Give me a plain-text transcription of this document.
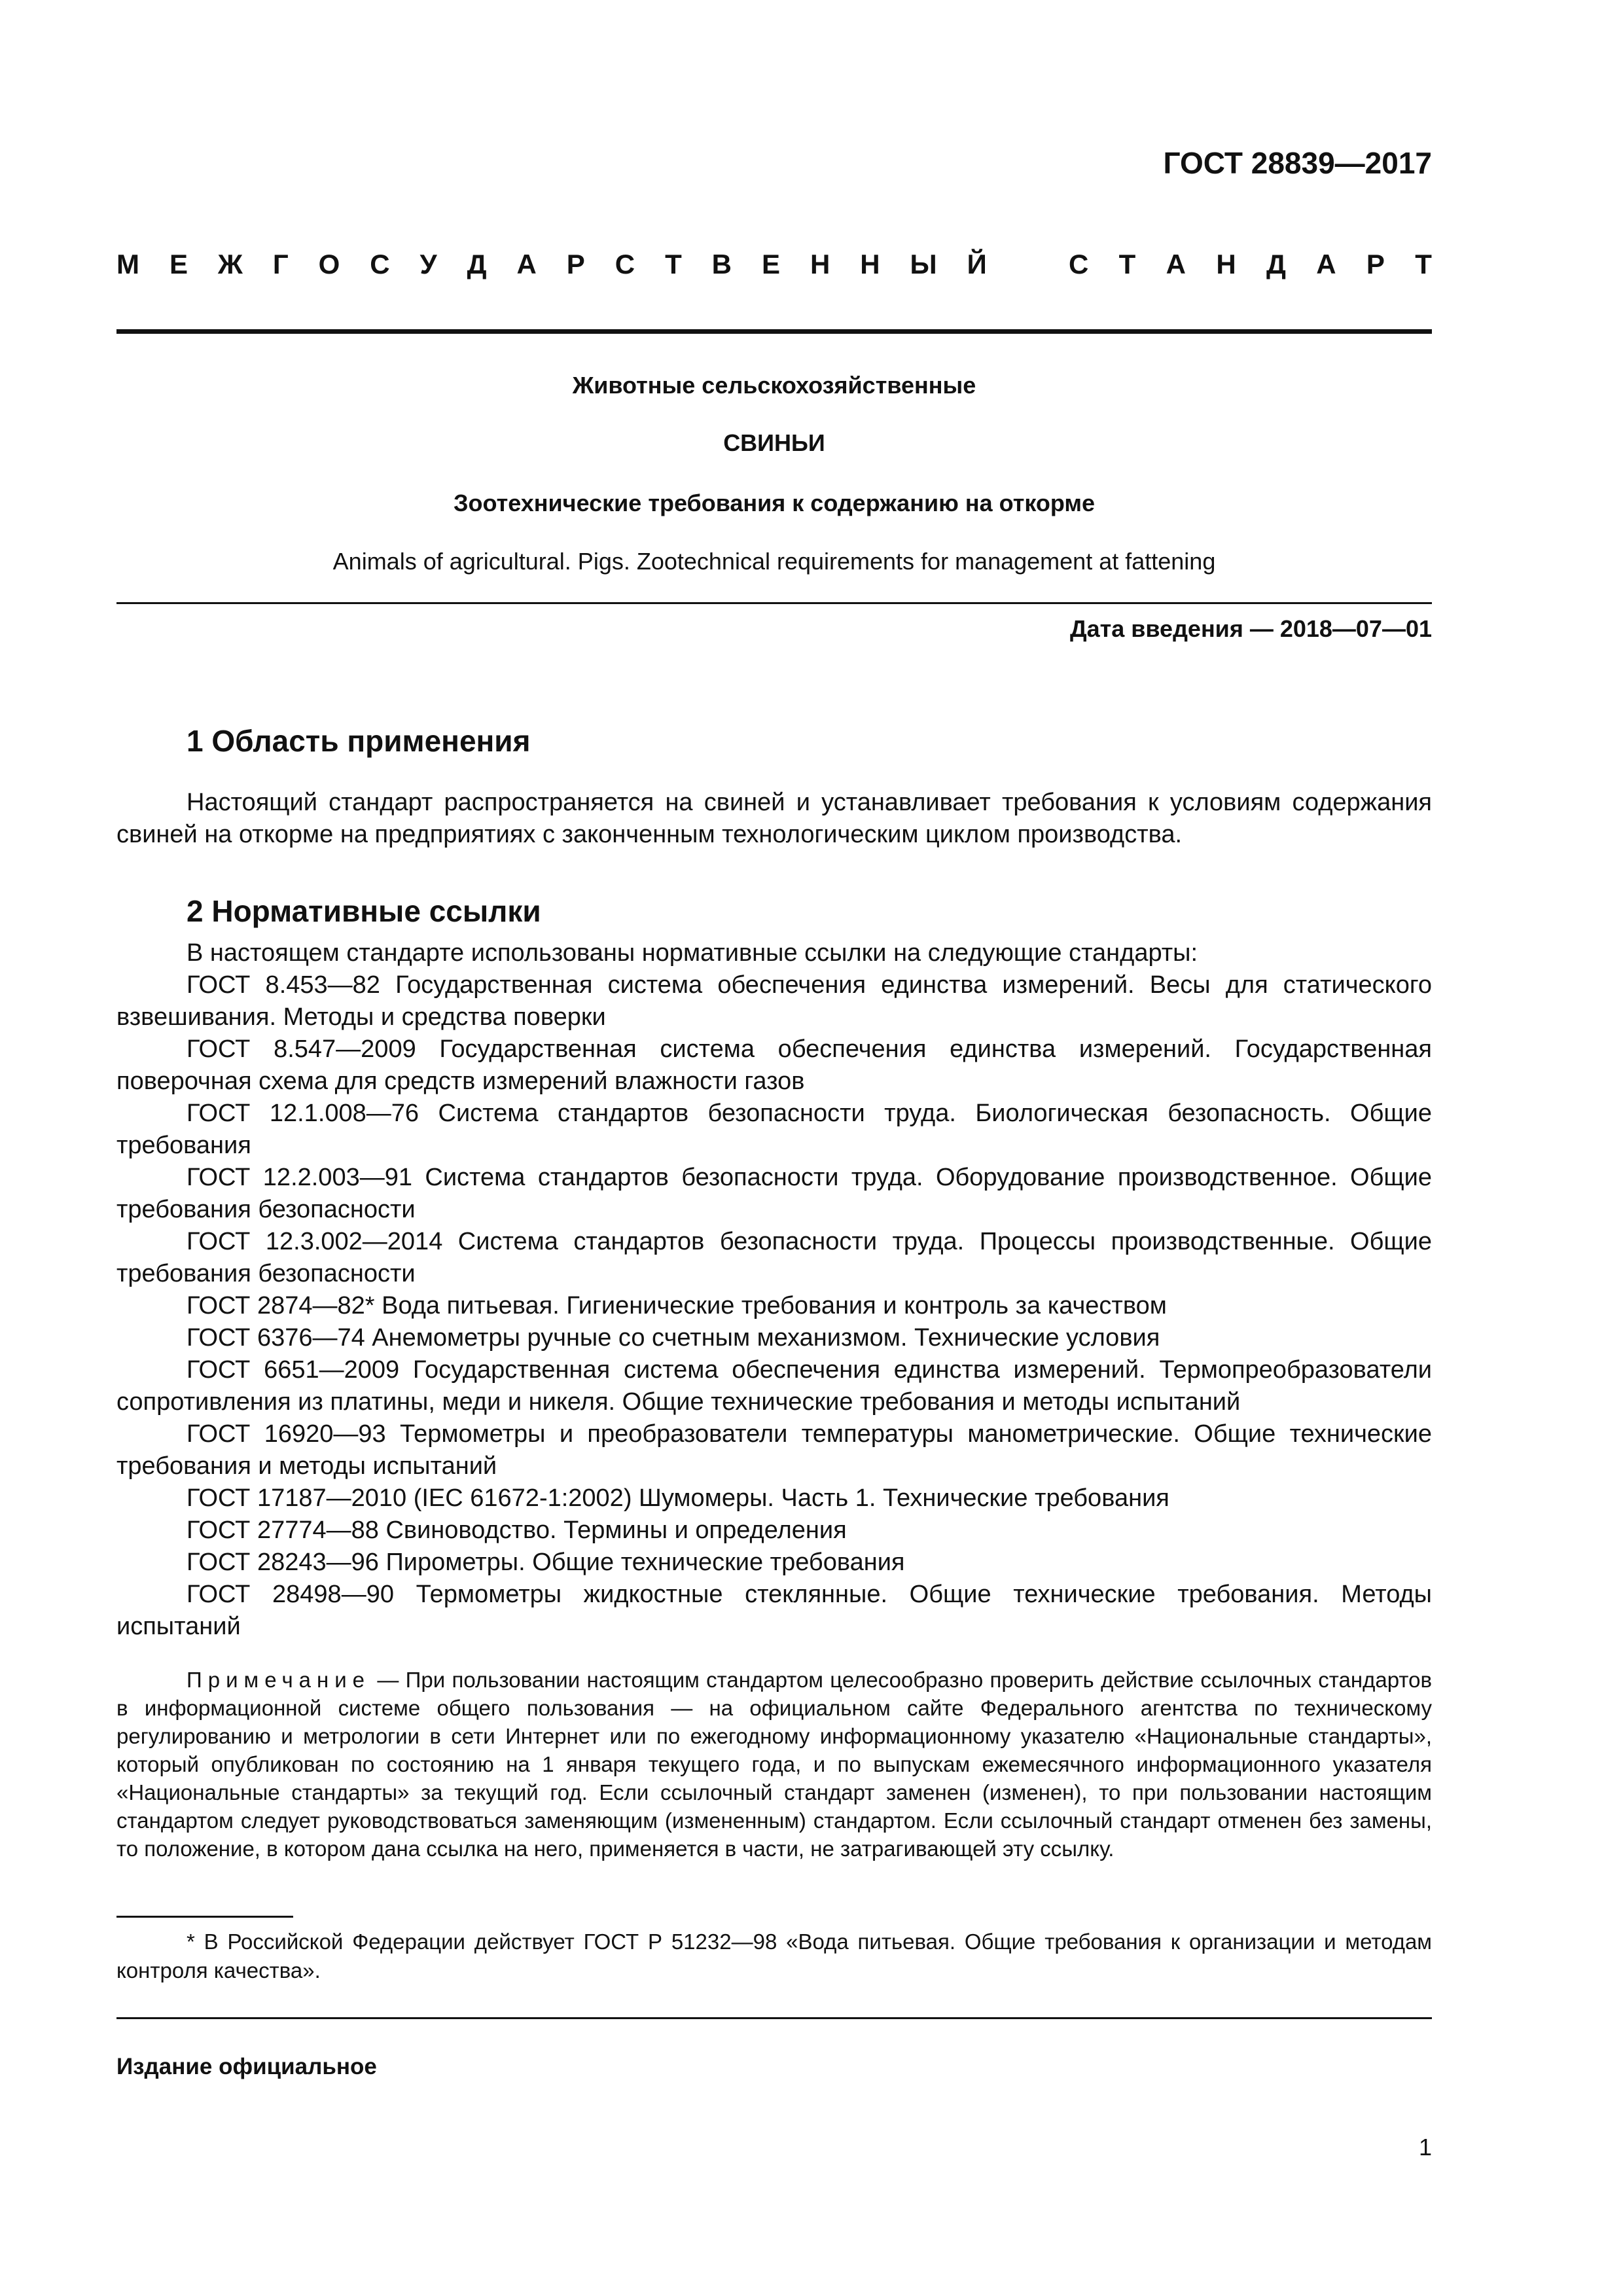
ГОСТ 28839—2017
М Е Ж Г О С У Д А Р С Т В Е Н Н Ы Й	С Т А Н Д А Р Т
Животные сельскохозяйственные
СВИНЬИ
Зоотехнические требования к содержанию на откорме
Animals of agricultural. Pigs. Zootechnical requirements for management at fattening
Дата введения — 2018—07—01
1 Область применения
Настоящий стандарт распространяется на свиней и устанавливает требования к условиям содержания свиней на откорме на предприятиях с законченным технологическим циклом производства.
2 Нормативные ссылки

В настоящем стандарте использованы нормативные ссылки на следующие стандарты:

ГОСТ 8.453—82 Государственная система обеспечения единства измерений. Весы для статического взвешивания. Методы и средства поверки

ГОСТ 8.547—2009 Государственная система обеспечения единства измерений. Государственная поверочная схема для средств измерений влажности газов

ГОСТ 12.1.008—76 Система стандартов безопасности труда. Биологическая безопасность. Общие требования

ГОСТ 12.2.003—91 Система стандартов безопасности труда. Оборудование производственное. Общие требования безопасности

ГОСТ 12.3.002—2014 Система стандартов безопасности труда. Процессы производственные. Общие требования безопасности

ГОСТ 2874—82* Вода питьевая. Гигиенические требования и контроль за качеством

ГОСТ 6376—74 Анемометры ручные со счетным механизмом. Технические условия

ГОСТ 6651—2009 Государственная система обеспечения единства измерений. Термопреобразователи сопротивления из платины, меди и никеля. Общие технические требования и методы испытаний

ГОСТ 16920—93 Термометры и преобразователи температуры манометрические. Общие технические требования и методы испытаний

ГОСТ 17187—2010 (IEC 61672-1:2002) Шумомеры. Часть 1. Технические требования

ГОСТ 27774—88 Свиноводство. Термины и определения

ГОСТ 28243—96 Пирометры. Общие технические требования

ГОСТ 28498—90 Термометры жидкостные стеклянные. Общие технические требования. Методы испытаний

Примечание — При пользовании настоящим стандартом целесообразно проверить действие ссылочных стандартов в информационной системе общего пользования — на официальном сайте Федерального агентства по техническому регулированию и метрологии в сети Интернет или по ежегодному информационному указателю «Национальные стандарты», который опубликован по состоянию на 1 января текущего года, и по выпускам ежемесячного информационного указателя «Национальные стандарты» за текущий год. Если ссылочный стандарт заменен (изменен), то при пользовании настоящим стандартом следует руководствоваться заменяющим (измененным) стандартом. Если ссылочный стандарт отменен без замены, то положение, в котором дана ссылка на него, применяется в части, не затрагивающей эту ссылку.
* В Российской Федерации действует ГОСТ Р 51232—98 «Вода питьевая. Общие требования к организации и методам контроля качества».
Издание официальное
1
